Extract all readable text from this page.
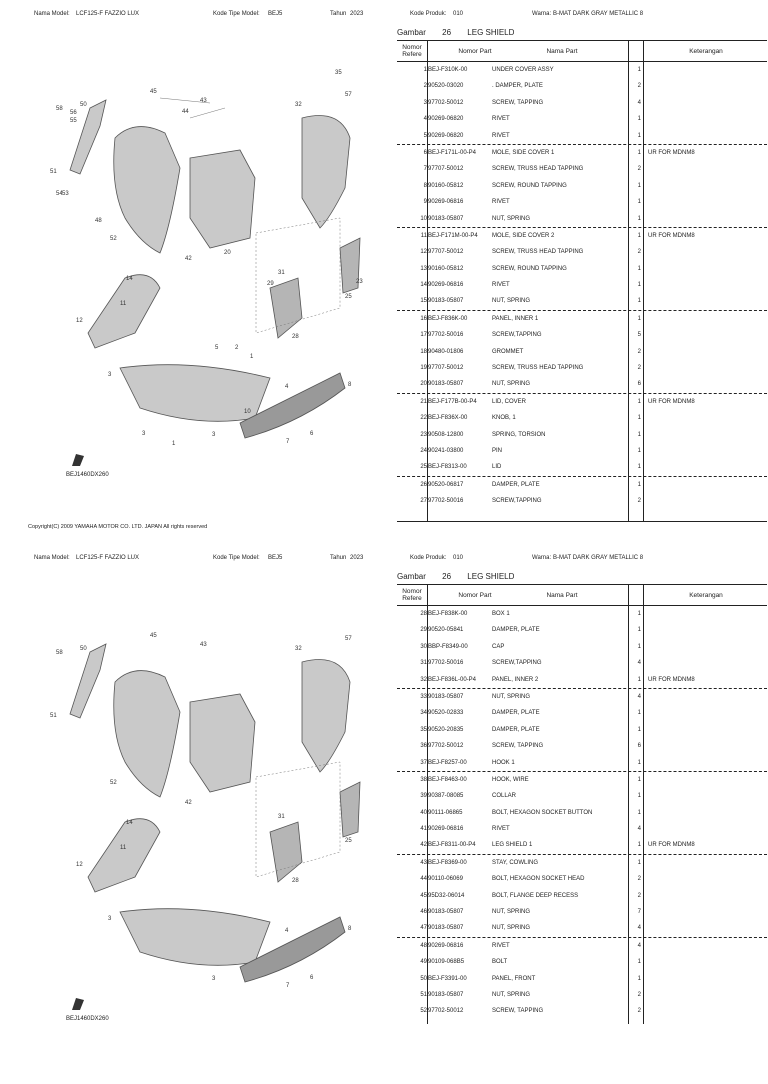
Nama Model: LCF125-F FAZZIO LUX	Kode Tipe Model: BEJ5	Tahun 2023	Kode Produk: 010	Warna: B-MAT DARK GRAY METALLIC 8
58
50
56
55
45
43
44
32
35
57
51
54 53
52
48
42
14
11
12
20
31
29
28
25
23
3
3	3
5	2
4	8
10
7
6
1
1
BEJ1460DX260
Copyright(C) 2009 YAMAHA MOTOR CO. LTD. JAPAN All rights reserved
Gambar 26 LEG SHIELD
Nomor Refere	Nomor Part	Nama Part	Keterangan
1 BEJ-F310K-00	UNDER COVER ASSY	1
2 90520-03020	. DAMPER, PLATE	2
3 97702-50012	SCREW, TAPPING	4
4 90269-06820	RIVET	1
5 90269-06820	RIVET	1
6 BEJ-F171L-00-P4	MOLE, SIDE COVER 1	1 UR FOR MDNM8
7 97707-50012	SCREW, TRUSS HEAD TAPPING	2
8 90160-05812	SCREW, ROUND TAPPING	1
9 90269-06816	RIVET	1
10 90183-05807	NUT, SPRING	1
11 BEJ-F171M-00-P4	MOLE, SIDE COVER 2	1 UR FOR MDNM8
12 97707-50012	SCREW, TRUSS HEAD TAPPING	2
13 90160-05812	SCREW, ROUND TAPPING	1
14 90269-06816	RIVET	1
15 90183-05807	NUT, SPRING	1
16 BEJ-F836K-00	PANEL, INNER 1	1
17 97702-50016	SCREW,TAPPING	5
18 90480-01806	GROMMET	2
19 97707-50012	SCREW, TRUSS HEAD TAPPING	2
20 90183-05807	NUT, SPRING	6
21 BEJ-F177B-00-P4	LID, COVER	1 UR FOR MDNM8
22 BEJ-F836X-00	KNOB, 1	1
23 90508-12800	SPRING, TORSION	1
24 90241-03800	PIN	1
25 BEJ-F8313-00	LID	1
26 90520-06817	DAMPER, PLATE	1
27 97702-50016	SCREW,TAPPING	2
Nama Model: LCF125-F FAZZIO LUX	Kode Tipe Model: BEJ5	Tahun 2023	Kode Produk: 010	Warna: B-MAT DARK GRAY METALLIC 8
58
50
45
43
32
57
51
52
42
14
11
12
31
28
25
3
3
4	8
7
6
BEJ1460DX260
Gambar 26 LEG SHIELD
Nomor Refere	Nomor Part	Nama Part	Keterangan
28 BEJ-F838K-00	BOX 1	1
29 90520-05841	DAMPER, PLATE	1
30 BBP-F8349-00	CAP	1
31 97702-50016	SCREW,TAPPING	4
32 BEJ-F836L-00-P4	PANEL, INNER 2	1 UR FOR MDNM8
33 90183-05807	NUT, SPRING	4
34 90520-02833	DAMPER, PLATE	1
35 90520-20835	DAMPER, PLATE	1
36 97702-50012	SCREW, TAPPING	6
37 BEJ-F8257-00	HOOK 1	1
38 BEJ-F8463-00	HOOK, WIRE	1
39 90387-08085	COLLAR	1
40 90111-06865	BOLT, HEXAGON SOCKET BUTTON	1
41 90269-06816	RIVET	4
42 BEJ-F8311-00-P4	LEG SHIELD 1	1 UR FOR MDNM8
43 BEJ-F8369-00	STAY, COWLING	1
44 90110-06069	BOLT, HEXAGON SOCKET HEAD	2
45 95D32-06014	BOLT, FLANGE DEEP RECESS	2
46 90183-05807	NUT, SPRING	7
47 90183-05807	NUT, SPRING	4
48 90269-06816	RIVET	4
49 90109-068B5	BOLT	1
50 BEJ-F3391-00	PANEL, FRONT	1
51 90183-05807	NUT, SPRING	2
52 97702-50012	SCREW, TAPPING	2
